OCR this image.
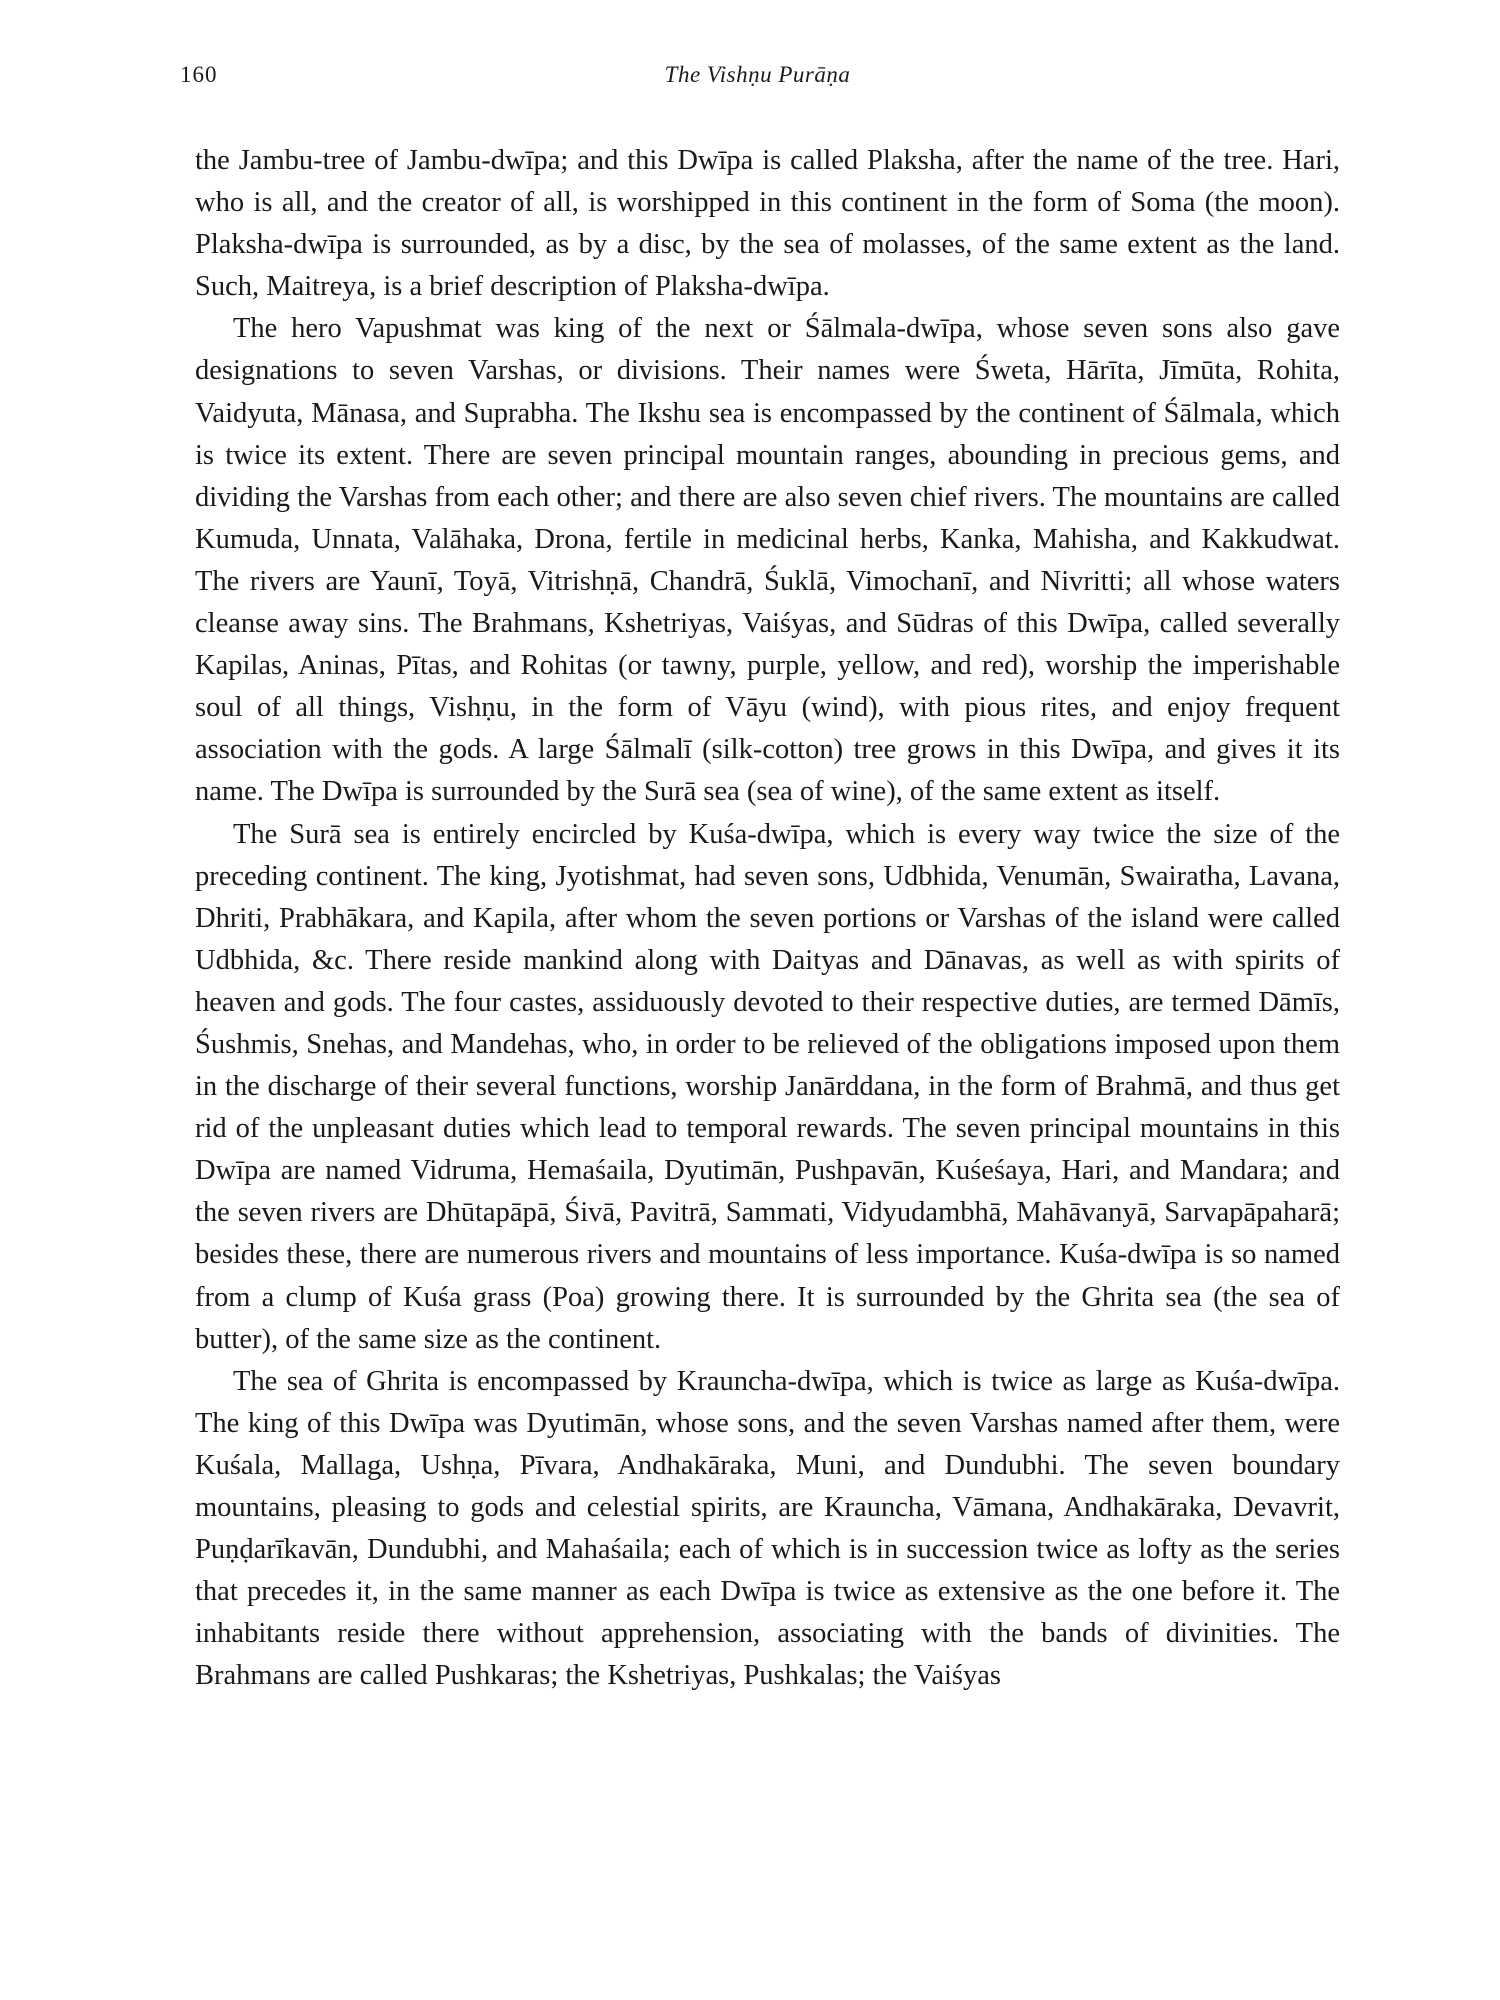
160	The Vishṇu Purāṇa

the Jambu-tree of Jambu-dwīpa; and this Dwīpa is called Plaksha, after the name of the tree. Hari, who is all, and the creator of all, is worshipped in this continent in the form of Soma (the moon). Plaksha-dwīpa is surrounded, as by a disc, by the sea of molasses, of the same extent as the land. Such, Maitreya, is a brief description of Plaksha-dwīpa.

The hero Vapushmat was king of the next or Śālmala-dwīpa, whose seven sons also gave designations to seven Varshas, or divisions. Their names were Śweta, Hārīta, Jīmūta, Rohita, Vaidyuta, Mānasa, and Suprabha. The Ikshu sea is encompassed by the continent of Śālmala, which is twice its extent. There are seven principal mountain ranges, abounding in precious gems, and dividing the Varshas from each other; and there are also seven chief rivers. The mountains are called Kumuda, Unnata, Valāhaka, Drona, fertile in medicinal herbs, Kanka, Mahisha, and Kakkudwat. The rivers are Yaunī, Toyā, Vitrishṇā, Chandrā, Śuklā, Vimochanī, and Nivritti; all whose waters cleanse away sins. The Brahmans, Kshetriyas, Vaiśyas, and Sūdras of this Dwīpa, called severally Kapilas, Aninas, Pītas, and Rohitas (or tawny, purple, yellow, and red), worship the imperishable soul of all things, Vishṇu, in the form of Vāyu (wind), with pious rites, and enjoy frequent association with the gods. A large Śālmalī (silk-cotton) tree grows in this Dwīpa, and gives it its name. The Dwīpa is surrounded by the Surā sea (sea of wine), of the same extent as itself.

The Surā sea is entirely encircled by Kuśa-dwīpa, which is every way twice the size of the preceding continent. The king, Jyotishmat, had seven sons, Udbhida, Venumān, Swairatha, Lavana, Dhriti, Prabhākara, and Kapila, after whom the seven portions or Varshas of the island were called Udbhida, &c. There reside mankind along with Daityas and Dānavas, as well as with spirits of heaven and gods. The four castes, assiduously devoted to their respective duties, are termed Dāmīs, Śushmis, Snehas, and Mandehas, who, in order to be relieved of the obligations imposed upon them in the discharge of their several functions, worship Janārddana, in the form of Brahmā, and thus get rid of the unpleasant duties which lead to temporal rewards. The seven principal mountains in this Dwīpa are named Vidruma, Hemaśaila, Dyutimān, Pushpavān, Kuśeśaya, Hari, and Mandara; and the seven rivers are Dhūtapāpā, Śivā, Pavitrā, Sammati, Vidyudambhā, Mahāvanyā, Sarvapāpaharā; besides these, there are numerous rivers and mountains of less importance. Kuśa-dwīpa is so named from a clump of Kuśa grass (Poa) growing there. It is surrounded by the Ghrita sea (the sea of butter), of the same size as the continent.

The sea of Ghrita is encompassed by Krauncha-dwīpa, which is twice as large as Kuśa-dwīpa. The king of this Dwīpa was Dyutimān, whose sons, and the seven Varshas named after them, were Kuśala, Mallaga, Ushṇa, Pīvara, Andhakāraka, Muni, and Dundubhi. The seven boundary mountains, pleasing to gods and celestial spirits, are Krauncha, Vāmana, Andhakāraka, Devavrit, Puṇḍarīkavān, Dundubhi, and Mahaśaila; each of which is in succession twice as lofty as the series that precedes it, in the same manner as each Dwīpa is twice as extensive as the one before it. The inhabitants reside there without apprehension, associating with the bands of divinities. The Brahmans are called Pushkaras; the Kshetriyas, Pushkalas; the Vaiśyas
